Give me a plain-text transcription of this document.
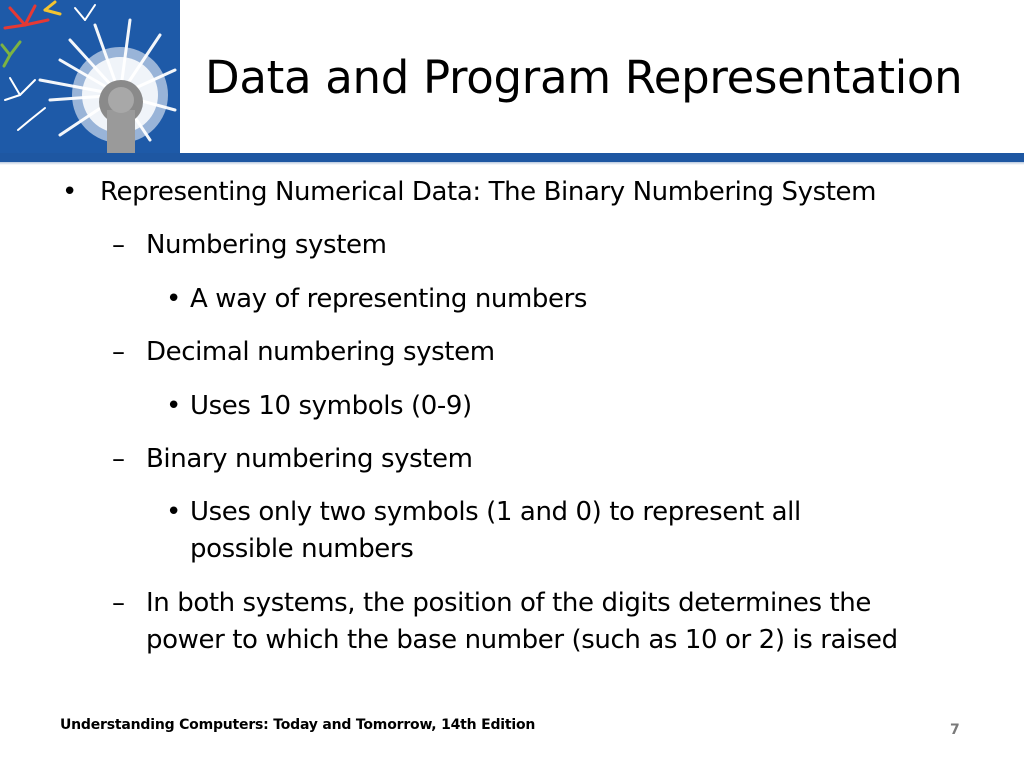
Data and Program Representation
• Representing Numerical Data: The Binary Numbering System
– Numbering system
• A way of representing numbers
– Decimal numbering system
• Uses 10 symbols (0-9)
– Binary numbering system
• Uses only two symbols (1 and 0) to represent all
possible numbers
– In both systems, the position of the digits determines the
power to which the base number (such as 10 or 2) is raised
Understanding Computers: Today and Tomorrow, 14th Edition	7
